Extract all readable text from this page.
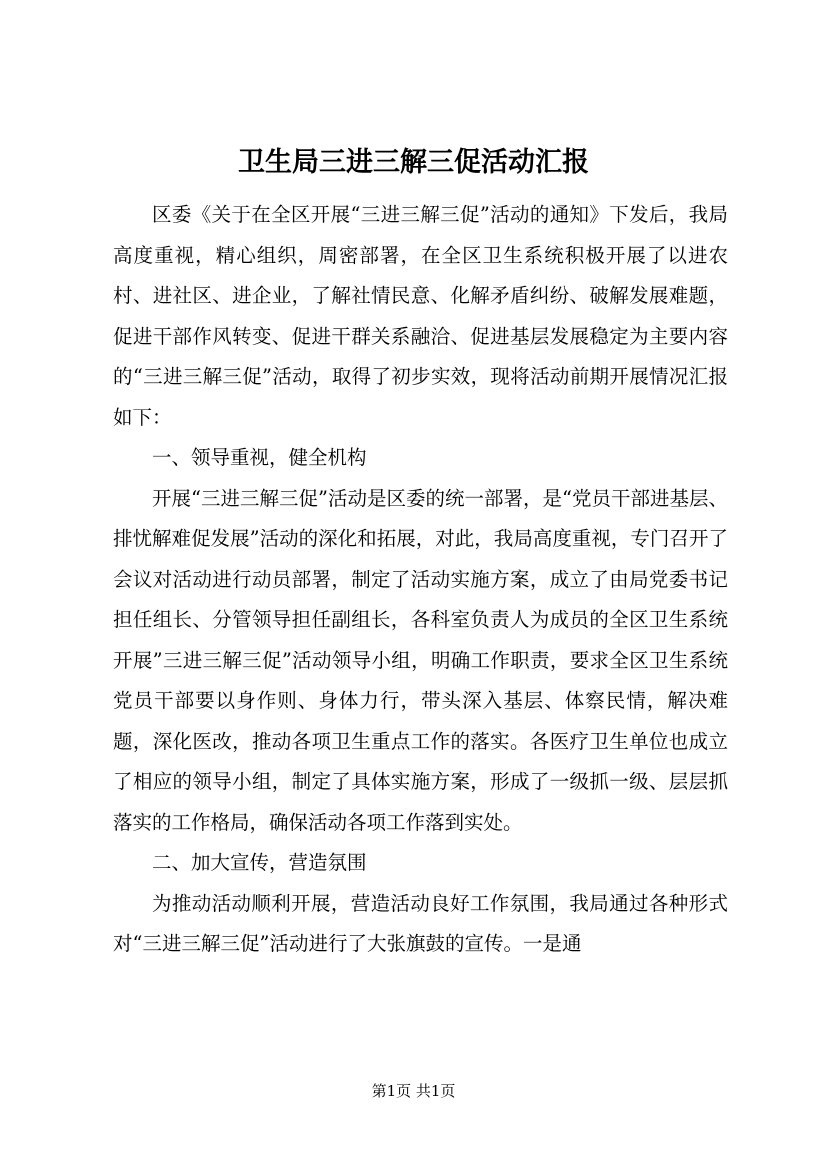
卫生局三进三解三促活动汇报

区委《关于在全区开展“三进三解三促”活动的通知》下发后，我局高度重视，精心组织，周密部署，在全区卫生系统积极开展了以进农村、进社区、进企业，了解社情民意、化解矛盾纠纷、破解发展难题，促进干部作风转变、促进干群关系融洽、促进基层发展稳定为主要内容的“三进三解三促”活动，取得了初步实效，现将活动前期开展情况汇报如下：

一、领导重视，健全机构

开展“三进三解三促”活动是区委的统一部署，是“党员干部进基层、排忧解难促发展”活动的深化和拓展，对此，我局高度重视，专门召开了会议对活动进行动员部署，制定了活动实施方案，成立了由局党委书记担任组长、分管领导担任副组长，各科室负责人为成员的全区卫生系统开展”三进三解三促”活动领导小组，明确工作职责，要求全区卫生系统党员干部要以身作则、身体力行，带头深入基层、体察民情，解决难题，深化医改，推动各项卫生重点工作的落实。各医疗卫生单位也成立了相应的领导小组，制定了具体实施方案，形成了一级抓一级、层层抓落实的工作格局，确保活动各项工作落到实处。

二、加大宣传，营造氛围

为推动活动顺利开展，营造活动良好工作氛围，我局通过各种形式对“三进三解三促”活动进行了大张旗鼓的宣传。一是通

第1页 共1页
